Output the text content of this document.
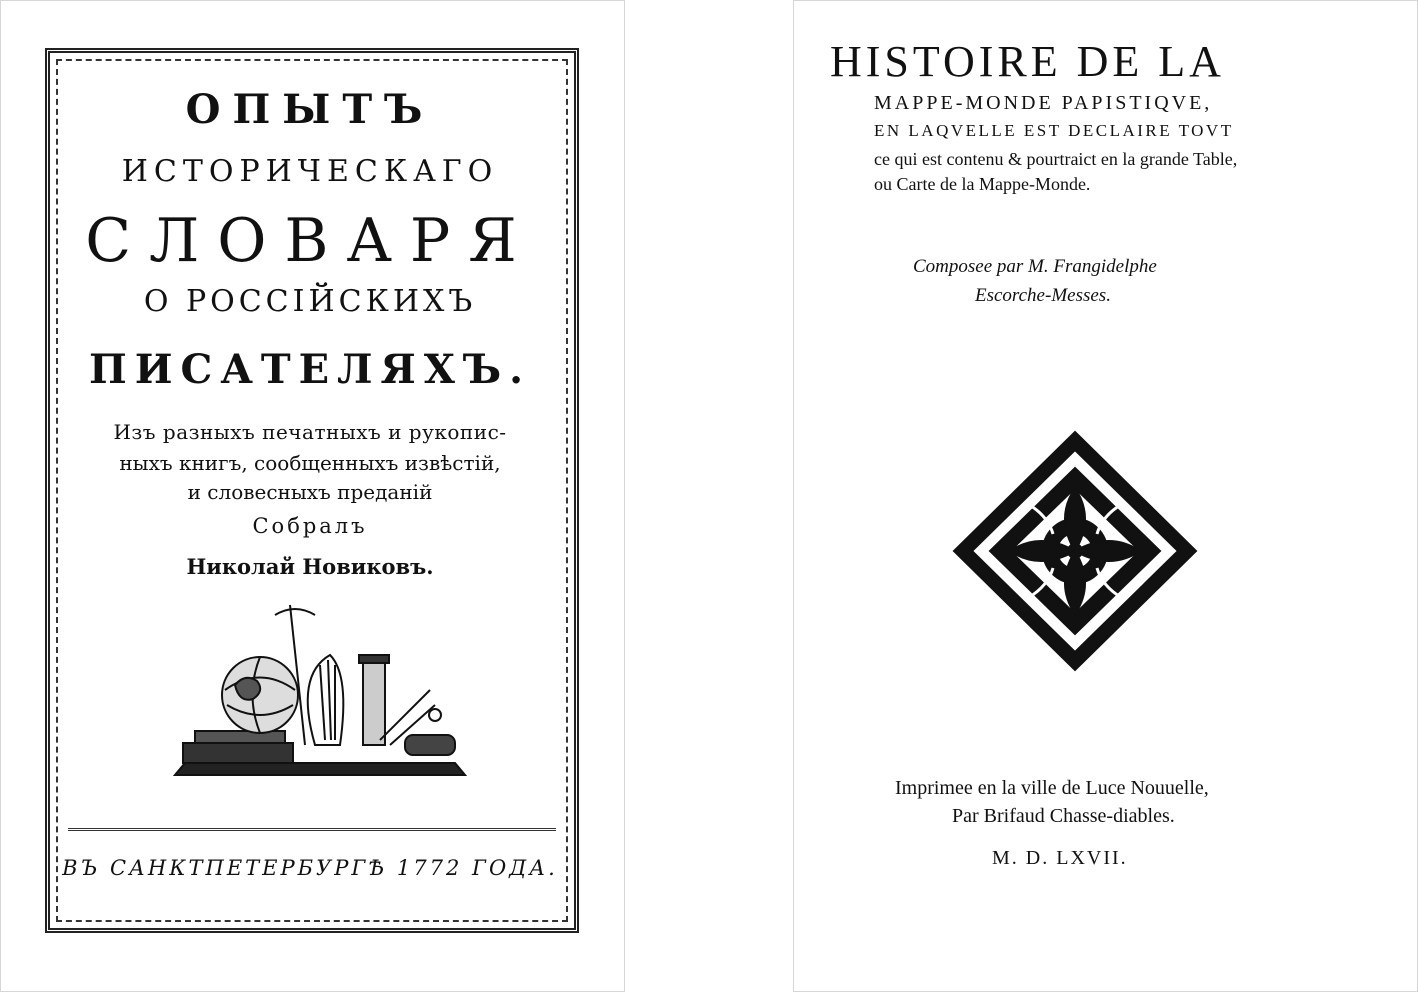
ОПЫТЪ
ИСТОРИЧЕСКАГО
СЛОВАРЯ
О РОССІЙСКИХЪ
ПИСАТЕЛЯХЪ.
Изъ разныхъ печатныхъ и рукопис-
ныхъ книгъ, сообщенныхъ извѣстій,
и словесныхъ преданій
Собралъ
Николай Новиковъ.
ВЪ САНКТПЕТЕРБУРГѢ 1772 ГОДА.
HISTOIRE DE LA
MAPPE-MONDE PAPISTIQVE,
EN LAQVELLE EST DECLAIRE TOVT
ce qui est contenu & pourtraict en la grande Table,
ou Carte de la Mappe-Monde.
Composee par M. Frangidelphe
Escorche-Messes.
Imprimee en la ville de Luce Nouuelle,
Par Brifaud Chasse-diables.
M. D. LXVII.
